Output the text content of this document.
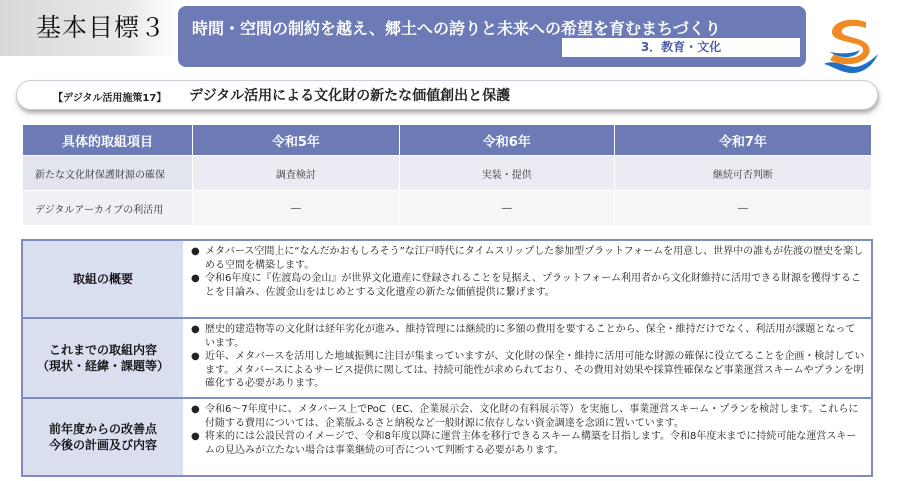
基本目標３ 時間・空間の制約を越え、郷土への誇りと未来への希望を育むまちづくり
3．教育・文化
【デジタル活用施策17】 デジタル活用による文化財の新たな価値創出と保護
具体的取組項目	令和5年	令和6年	令和7年
新たな文化財保護財源の確保	調査検討	実装・提供	継続可否判断
デジタルアーカイブの利活用	―	―	―
取組の概要
● メタバース空間上に“なんだかおもしろそう”な江戸時代にタイムスリップした参加型プラットフォームを用意し、世界中の誰もが佐渡の歴史を楽しめる空間を構築します。
● 令和6年度に『佐渡島の金山』が世界文化遺産に登録されることを見据え、プラットフォーム利用者から文化財維持に活用できる財源を獲得することを目論み、佐渡金山をはじめとする文化遺産の新たな価値提供に繋げます。
これまでの取組内容
（現状・経緯・課題等）
● 歴史的建造物等の文化財は経年劣化が進み、維持管理には継続的に多額の費用を要することから、保全・維持だけでなく、利活用が課題となっています。
● 近年、メタバースを活用した地域振興に注目が集まっていますが、文化財の保全・維持に活用可能な財源の確保に役立てることを企画・検討しています。メタバースによるサービス提供に関しては、持続可能性が求められており、その費用対効果や採算性確保など事業運営スキームやプランを明確化する必要があります。
前年度からの改善点
今後の計画及び内容
● 令和6～7年度中に、メタバース上でPoC（EC、企業展示会、文化財の有料展示等）を実施し、事業運営スキーム・プランを検討します。これらに付随する費用については、企業版ふるさと納税など一般財源に依存しない資金調達を念頭に置いています。
● 将来的には公設民営のイメージで、令和8年度以降に運営主体を移行できるスキーム構築を目指します。令和8年度末までに持続可能な運営スキームの見込みが立たない場合は事業継続の可否について判断する必要があります。
